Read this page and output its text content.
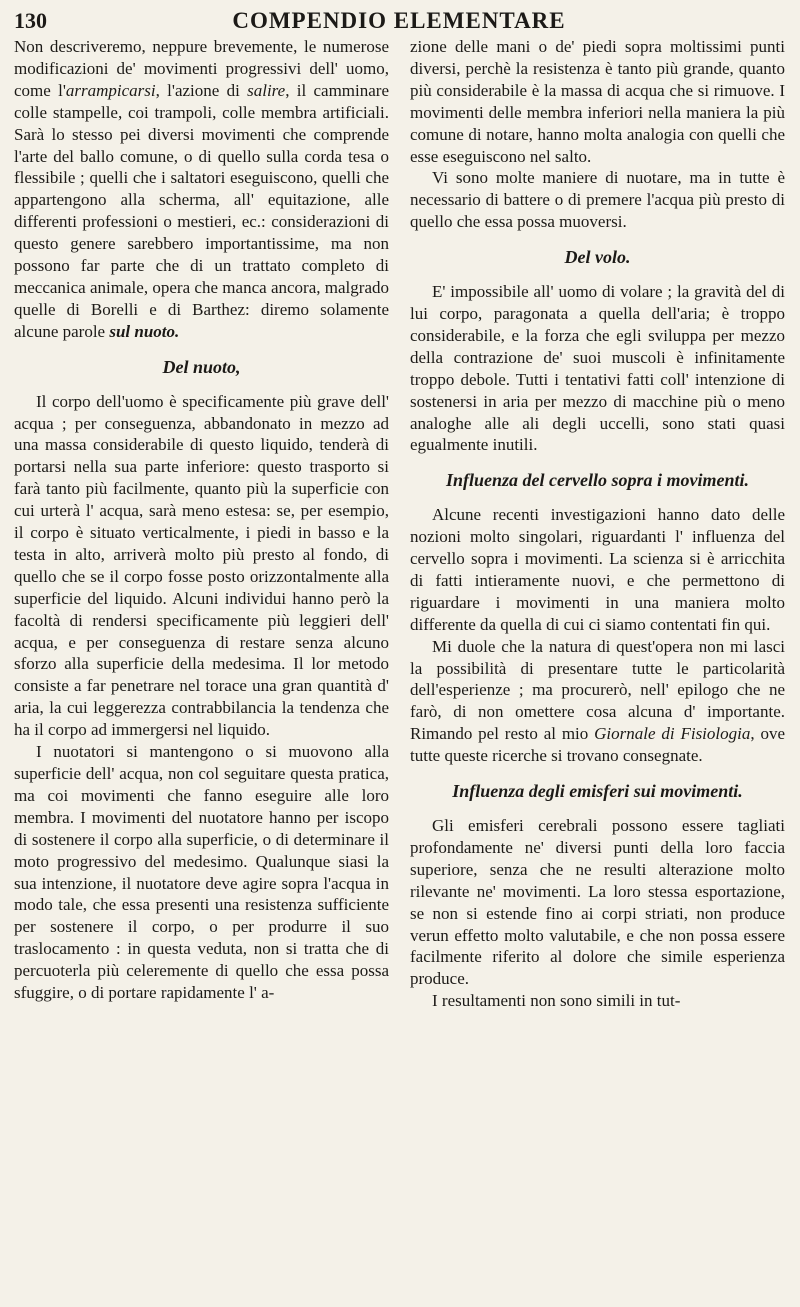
130	COMPENDIO ELEMENTARE

Non descriveremo, neppure brevemente, le numerose modificazioni de' movimenti progressivi dell' uomo, come l'arrampicarsi, l'azione di salire, il camminare colle stampelle, coi trampoli, colle membra artificiali. Sarà lo stesso pei diversi movimenti che comprende l'arte del ballo comune, o di quello sulla corda tesa o flessibile ; quelli che i saltatori eseguiscono, quelli che appartengono alla scherma, all' equitazione, alle differenti professioni o mestieri, ec.: considerazioni di questo genere sarebbero importantissime, ma non possono far parte che di un trattato completo di meccanica animale, opera che manca ancora, malgrado quelle di Borelli e di Barthez: diremo solamente alcune parole sul nuoto.

Del nuoto,

Il corpo dell'uomo è specificamente più grave dell' acqua ; per conseguenza, abbandonato in mezzo ad una massa considerabile di questo liquido, tenderà di portarsi nella sua parte inferiore: questo trasporto si farà tanto più facilmente, quanto più la superficie con cui urterà l' acqua, sarà meno estesa: se, per esempio, il corpo è situato verticalmente, i piedi in basso e la testa in alto, arriverà molto più presto al fondo, di quello che se il corpo fosse posto orizzontalmente alla superficie del liquido. Alcuni individui hanno però la facoltà di rendersi specificamente più leggieri dell' acqua, e per conseguenza di restare senza alcuno sforzo alla superficie della medesima. Il lor metodo consiste a far penetrare nel torace una gran quantità d' aria, la cui leggerezza contrabbilancia la tendenza che ha il corpo ad immergersi nel liquido.

I nuotatori si mantengono o si muovono alla superficie dell' acqua, non col seguitare questa pratica, ma coi movimenti che fanno eseguire alle loro membra. I movimenti del nuotatore hanno per iscopo di sostenere il corpo alla superficie, o di determinare il moto progressivo del medesimo. Qualunque siasi la sua intenzione, il nuotatore deve agire sopra l'acqua in modo tale, che essa presenti una resistenza sufficiente per sostenere il corpo, o per produrre il suo traslocamento : in questa veduta, non si tratta che di percuoterla più celeremente di quello che essa possa sfuggire, o di portare rapidamente l' a-

zione delle mani o de' piedi sopra moltissimi punti diversi, perchè la resistenza è tanto più grande, quanto più considerabile è la massa di acqua che si rimuove. I movimenti delle membra inferiori nella maniera la più comune di notare, hanno molta analogia con quelli che esse eseguiscono nel salto.

Vi sono molte maniere di nuotare, ma in tutte è necessario di battere o di premere l'acqua più presto di quello che essa possa muoversi.

Del volo.

E' impossibile all' uomo di volare ; la gravità del di lui corpo, paragonata a quella dell'aria; è troppo considerabile, e la forza che egli sviluppa per mezzo della contrazione de' suoi muscoli è infinitamente troppo debole. Tutti i tentativi fatti coll' intenzione di sostenersi in aria per mezzo di macchine più o meno analoghe alle ali degli uccelli, sono stati quasi egualmente inutili.

Influenza del cervello sopra i movimenti.

Alcune recenti investigazioni hanno dato delle nozioni molto singolari, riguardanti l' influenza del cervello sopra i movimenti. La scienza si è arricchita di fatti intieramente nuovi, e che permettono di riguardare i movimenti in una maniera molto differente da quella di cui ci siamo contentati fin qui.

Mi duole che la natura di quest'opera non mi lasci la possibilità di presentare tutte le particolarità dell'esperienze ; ma procurerò, nell' epilogo che ne farò, di non omettere cosa alcuna d' importante. Rimando pel resto al mio Giornale di Fisiologia, ove tutte queste ricerche si trovano consegnate.

Influenza degli emisferi sui movimenti.

Gli emisferi cerebrali possono essere tagliati profondamente ne' diversi punti della loro faccia superiore, senza che ne resulti alterazione molto rilevante ne' movimenti. La loro stessa esportazione, se non si estende fino ai corpi striati, non produce verun effetto molto valutabile, e che non possa essere facilmente riferito al dolore che simile esperienza produce.

I resultamenti non sono simili in tut-
